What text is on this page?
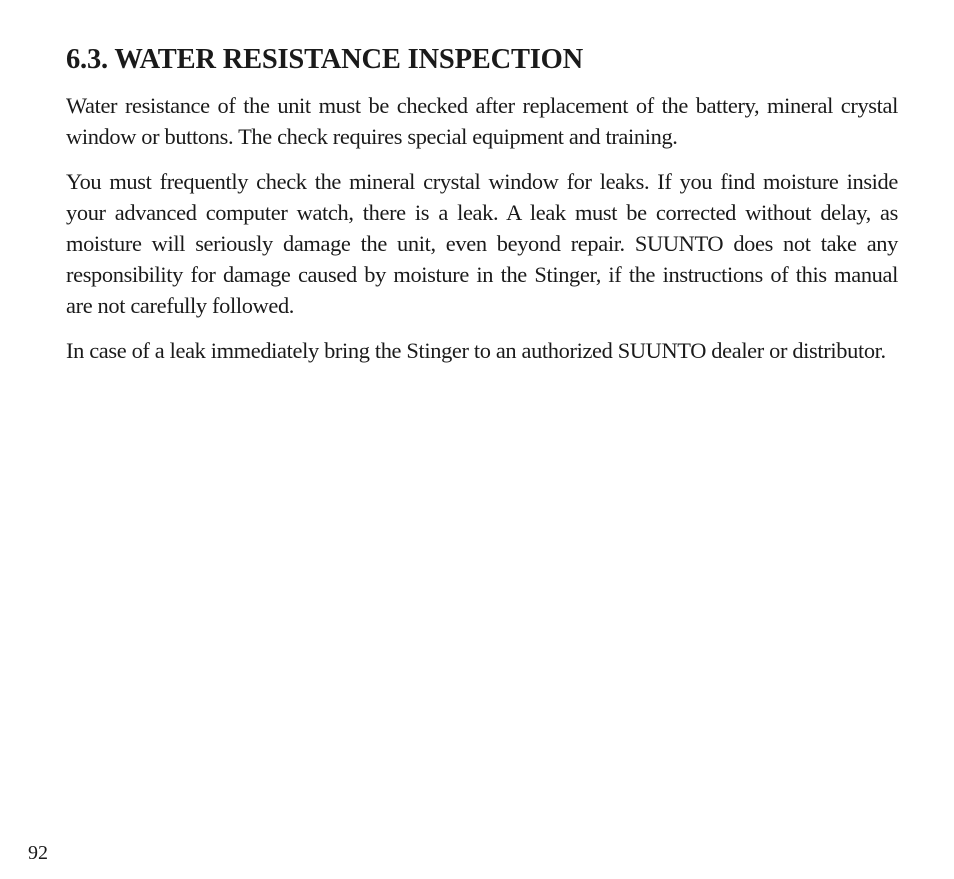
6.3. WATER RESISTANCE INSPECTION

Water resistance of the unit must be checked after replacement of the battery, mineral crystal window or buttons. The check requires special equipment and training.

You must frequently check the mineral crystal window for leaks. If you find moisture inside your advanced computer watch, there is a leak. A leak must be corrected without delay, as moisture will seriously damage the unit, even beyond repair. SUUNTO does not take any responsibility for damage caused by moisture in the Stinger, if the instructions of this manual are not carefully followed.

In case of a leak immediately bring the Stinger to an authorized SUUNTO dealer or distributor.

92
